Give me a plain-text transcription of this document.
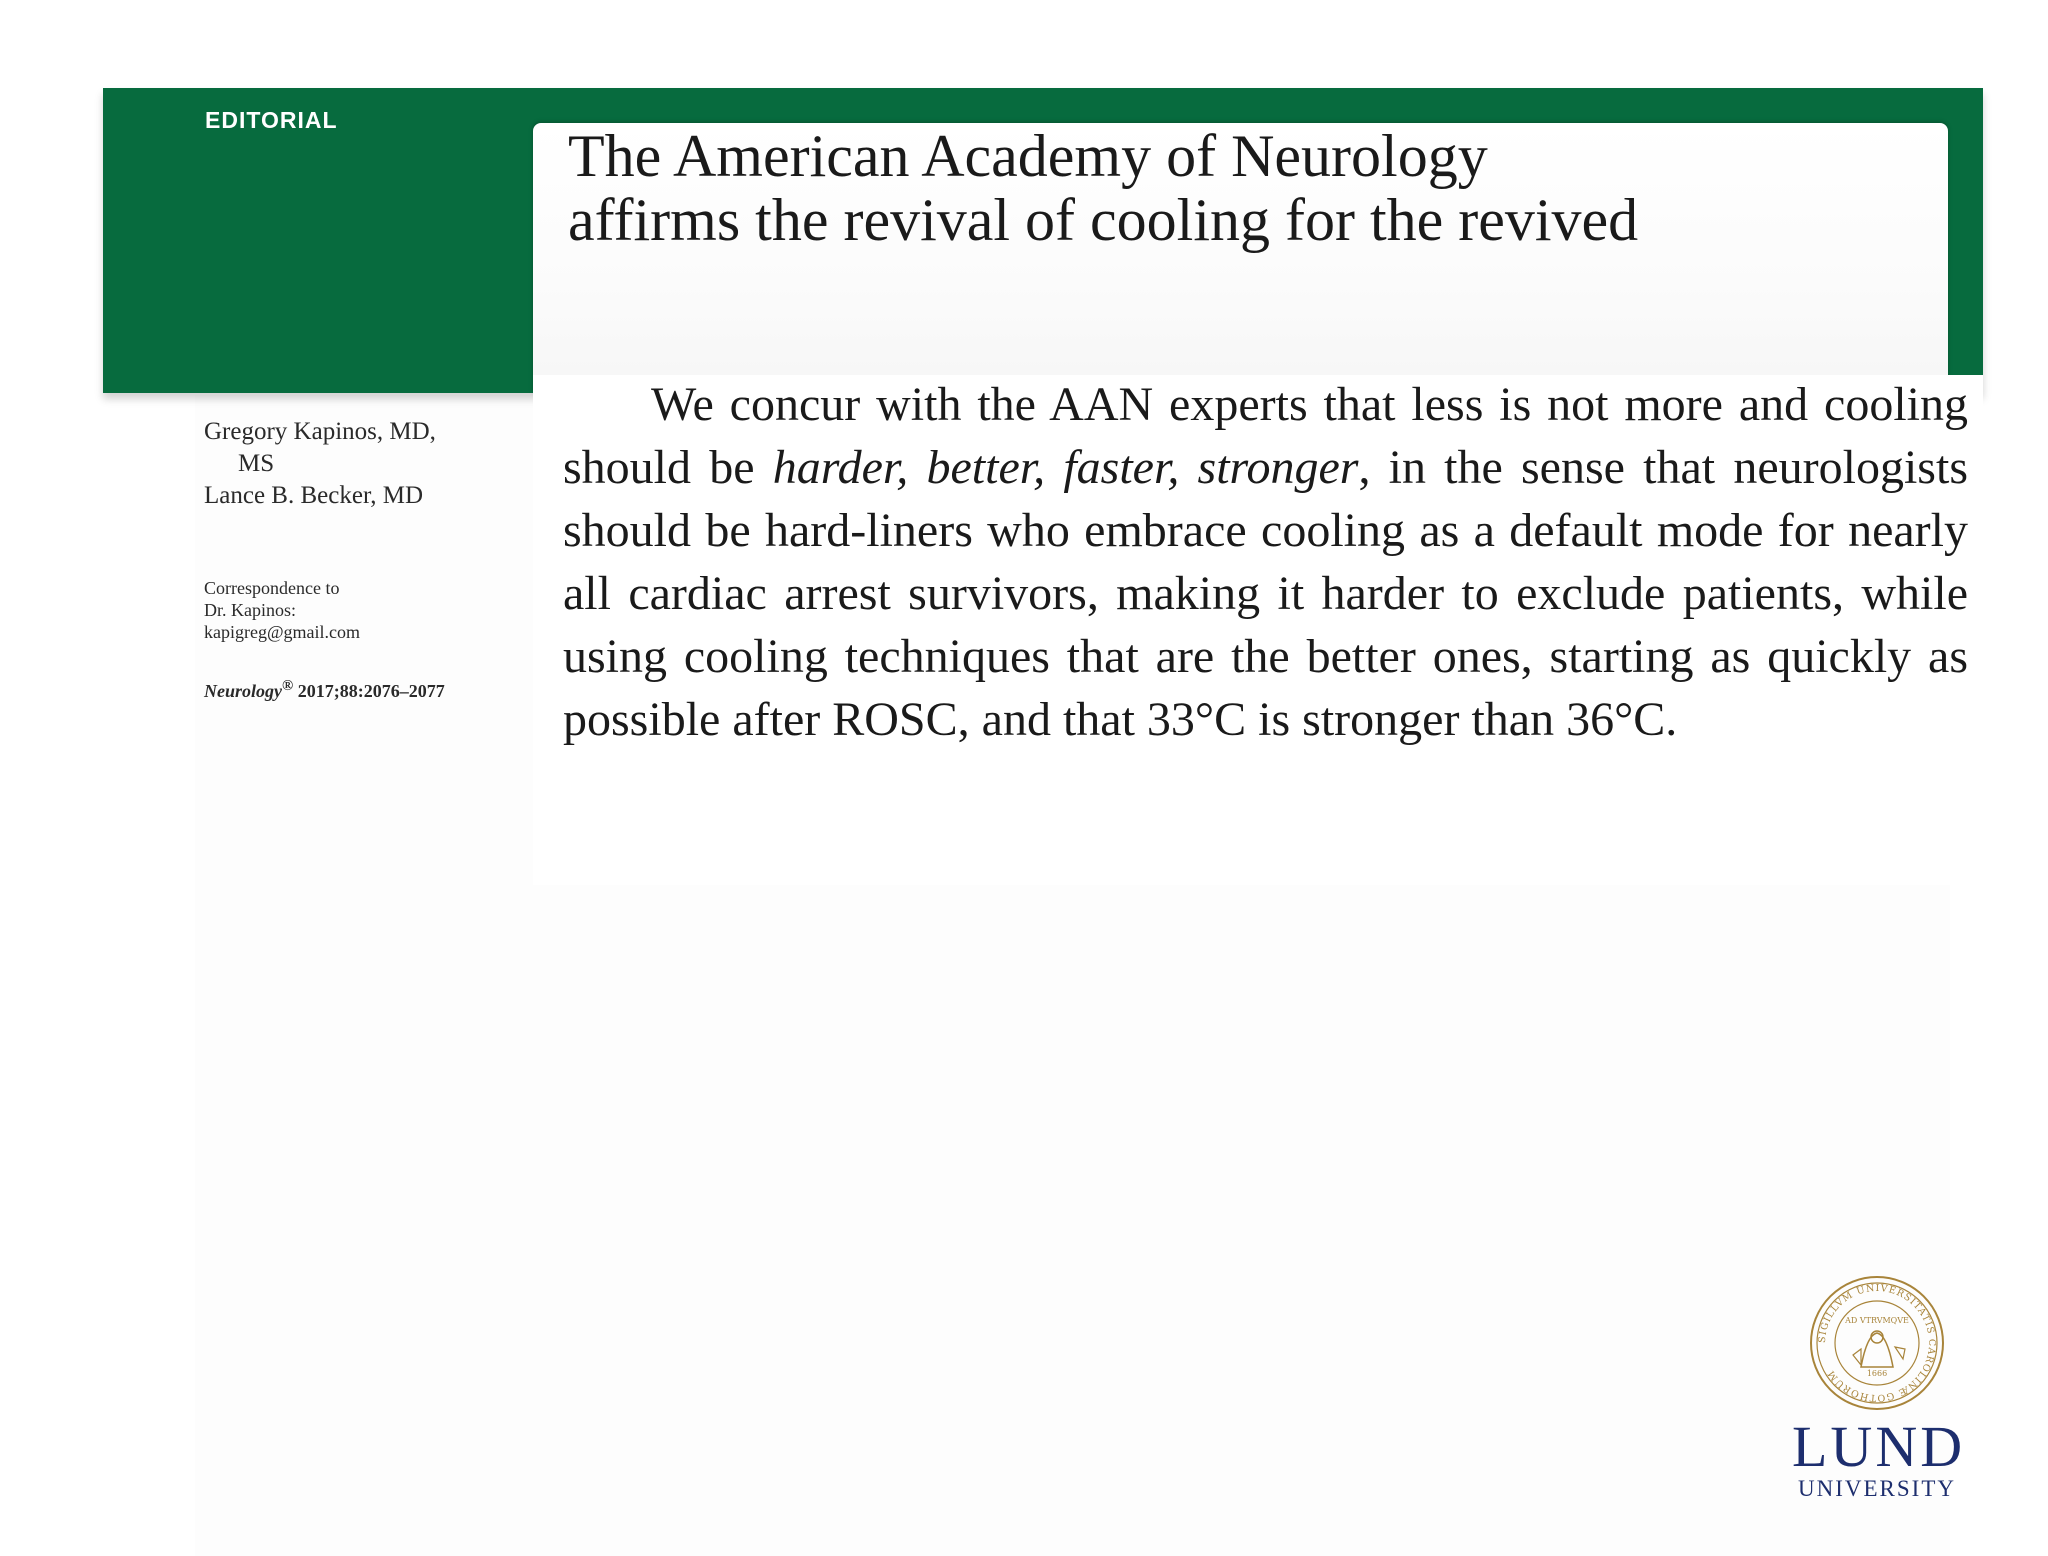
EDITORIAL
The American Academy of Neurology
affirms the revival of cooling for the revived
Gregory Kapinos, MD,
MS
Lance B. Becker, MD
Correspondence to
Dr. Kapinos:
kapigreg@gmail.com
Neurology® 2017;88:2076–2077

We concur with the AAN experts that less is not more and cooling should be harder, better, faster, stronger, in the sense that neurologists should be hard-liners who embrace cooling as a default mode for nearly all cardiac arrest survivors, making it harder to exclude patients, while using cooling techniques that are the better ones, starting as quickly as possible after ROSC, and that 33°C is stronger than 36°C.

SIGILLVM UNIVERSITATIS CAROLINÆ GOTHORUM
AD VTRVMQVE
1666
LUND
UNIVERSITY
